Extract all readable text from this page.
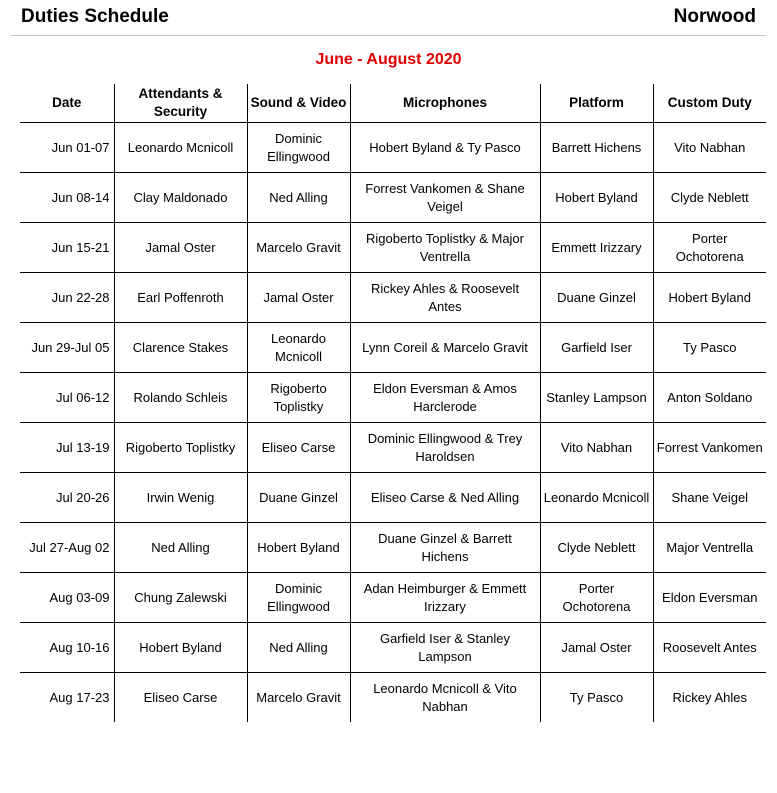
Duties Schedule	Norwood
June - August 2020
Date	Attendants & Security	Sound & Video	Microphones	Platform	Custom Duty
Jun 01-07	Leonardo Mcnicoll	Dominic Ellingwood	Hobert Byland & Ty Pasco	Barrett Hichens	Vito Nabhan
Jun 08-14	Clay Maldonado	Ned Alling	Forrest Vankomen & Shane Veigel	Hobert Byland	Clyde Neblett
Jun 15-21	Jamal Oster	Marcelo Gravit	Rigoberto Toplistky & Major Ventrella	Emmett Irizzary	Porter Ochotorena
Jun 22-28	Earl Poffenroth	Jamal Oster	Rickey Ahles & Roosevelt Antes	Duane Ginzel	Hobert Byland
Jun 29-Jul 05	Clarence Stakes	Leonardo Mcnicoll	Lynn Coreil & Marcelo Gravit	Garfield Iser	Ty Pasco
Jul 06-12	Rolando Schleis	Rigoberto Toplistky	Eldon Eversman & Amos Harclerode	Stanley Lampson	Anton Soldano
Jul 13-19	Rigoberto Toplistky	Eliseo Carse	Dominic Ellingwood & Trey Haroldsen	Vito Nabhan	Forrest Vankomen
Jul 20-26	Irwin Wenig	Duane Ginzel	Eliseo Carse & Ned Alling	Leonardo Mcnicoll	Shane Veigel
Jul 27-Aug 02	Ned Alling	Hobert Byland	Duane Ginzel & Barrett Hichens	Clyde Neblett	Major Ventrella
Aug 03-09	Chung Zalewski	Dominic Ellingwood	Adan Heimburger & Emmett Irizzary	Porter Ochotorena	Eldon Eversman
Aug 10-16	Hobert Byland	Ned Alling	Garfield Iser & Stanley Lampson	Jamal Oster	Roosevelt Antes
Aug 17-23	Eliseo Carse	Marcelo Gravit	Leonardo Mcnicoll & Vito Nabhan	Ty Pasco	Rickey Ahles
